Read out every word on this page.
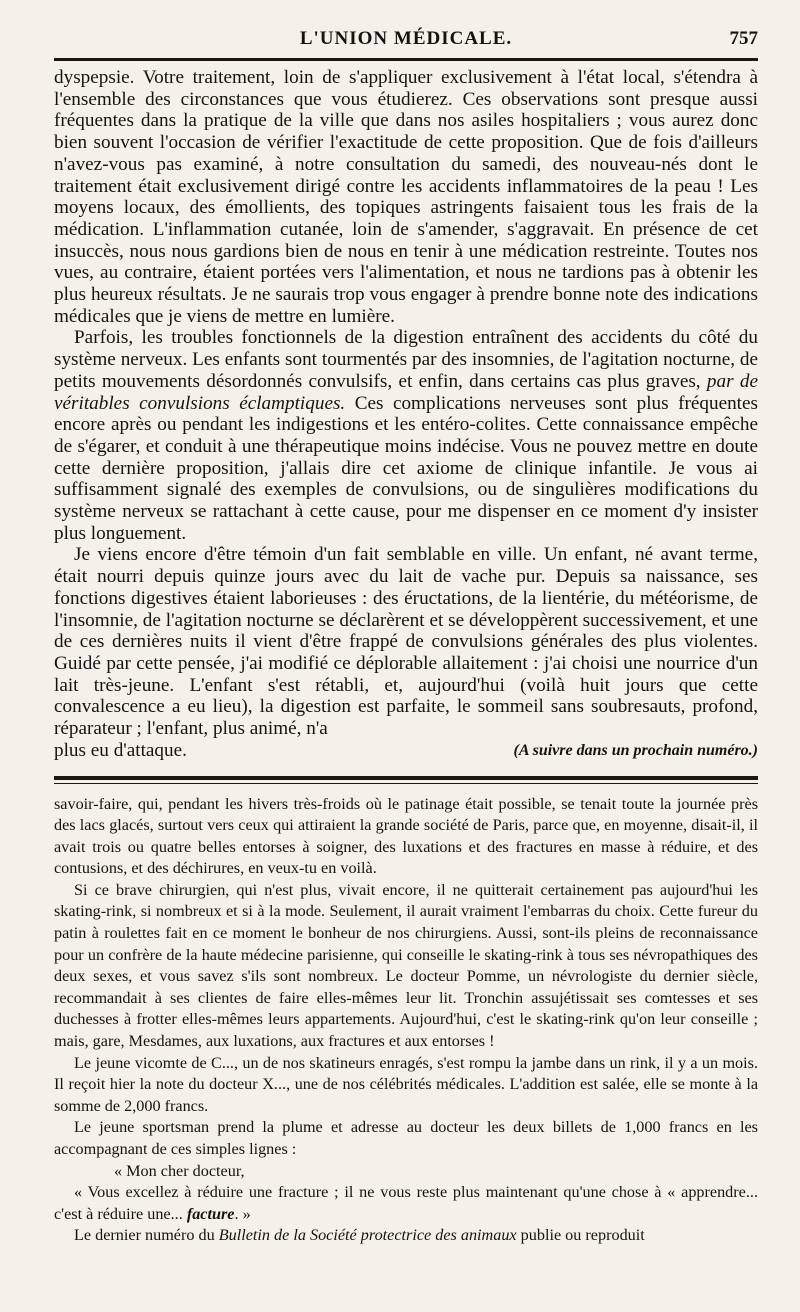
L'UNION MÉDICALE.	757

dyspepsie. Votre traitement, loin de s'appliquer exclusivement à l'état local, s'étendra à l'ensemble des circonstances que vous étudierez. Ces observations sont presque aussi fréquentes dans la pratique de la ville que dans nos asiles hospitaliers ; vous aurez donc bien souvent l'occasion de vérifier l'exactitude de cette proposition. Que de fois d'ailleurs n'avez-vous pas examiné, à notre consultation du samedi, des nouveau-nés dont le traitement était exclusivement dirigé contre les accidents inflammatoires de la peau ! Les moyens locaux, des émollients, des topiques astringents faisaient tous les frais de la médication. L'inflammation cutanée, loin de s'amender, s'aggravait. En présence de cet insuccès, nous nous gardions bien de nous en tenir à une médication restreinte. Toutes nos vues, au contraire, étaient portées vers l'alimentation, et nous ne tardions pas à obtenir les plus heureux résultats. Je ne saurais trop vous engager à prendre bonne note des indications médicales que je viens de mettre en lumière.

Parfois, les troubles fonctionnels de la digestion entraînent des accidents du côté du système nerveux. Les enfants sont tourmentés par des insomnies, de l'agitation nocturne, de petits mouvements désordonnés convulsifs, et enfin, dans certains cas plus graves, par de véritables convulsions éclamptiques. Ces complications nerveuses sont plus fréquentes encore après ou pendant les indigestions et les entéro-colites. Cette connaissance empêche de s'égarer, et conduit à une thérapeutique moins indécise. Vous ne pouvez mettre en doute cette dernière proposition, j'allais dire cet axiome de clinique infantile. Je vous ai suffisamment signalé des exemples de convulsions, ou de singulières modifications du système nerveux se rattachant à cette cause, pour me dispenser en ce moment d'y insister plus longuement.

Je viens encore d'être témoin d'un fait semblable en ville. Un enfant, né avant terme, était nourri depuis quinze jours avec du lait de vache pur. Depuis sa naissance, ses fonctions digestives étaient laborieuses : des éructations, de la lientérie, du météorisme, de l'insomnie, de l'agitation nocturne se déclarèrent et se développèrent successivement, et une de ces dernières nuits il vient d'être frappé de convulsions générales des plus violentes. Guidé par cette pensée, j'ai modifié ce déplorable allaitement : j'ai choisi une nourrice d'un lait très-jeune. L'enfant s'est rétabli, et, aujourd'hui (voilà huit jours que cette convalescence a eu lieu), la digestion est parfaite, le sommeil sans soubresauts, profond, réparateur ; l'enfant, plus animé, n'a

plus eu d'attaque.	(A suivre dans un prochain numéro.)

savoir-faire, qui, pendant les hivers très-froids où le patinage était possible, se tenait toute la journée près des lacs glacés, surtout vers ceux qui attiraient la grande société de Paris, parce que, en moyenne, disait-il, il avait trois ou quatre belles entorses à soigner, des luxations et des fractures en masse à réduire, et des contusions, et des déchirures, en veux-tu en voilà.

Si ce brave chirurgien, qui n'est plus, vivait encore, il ne quitterait certainement pas aujourd'hui les skating-rink, si nombreux et si à la mode. Seulement, il aurait vraiment l'embarras du choix. Cette fureur du patin à roulettes fait en ce moment le bonheur de nos chirurgiens. Aussi, sont-ils pleins de reconnaissance pour un confrère de la haute médecine parisienne, qui conseille le skating-rink à tous ses névropathiques des deux sexes, et vous savez s'ils sont nombreux. Le docteur Pomme, un névrologiste du dernier siècle, recommandait à ses clientes de faire elles-mêmes leur lit. Tronchin assujétissait ses comtesses et ses duchesses à frotter elles-mêmes leurs appartements. Aujourd'hui, c'est le skating-rink qu'on leur conseille ; mais, gare, Mesdames, aux luxations, aux fractures et aux entorses !

Le jeune vicomte de C..., un de nos skatineurs enragés, s'est rompu la jambe dans un rink, il y a un mois. Il reçoit hier la note du docteur X..., une de nos célébrités médicales. L'addition est salée, elle se monte à la somme de 2,000 francs.

Le jeune sportsman prend la plume et adresse au docteur les deux billets de 1,000 francs en les accompagnant de ces simples lignes :

« Mon cher docteur,

« Vous excellez à réduire une fracture ; il ne vous reste plus maintenant qu'une chose à « apprendre... c'est à réduire une... facture. »

Le dernier numéro du Bulletin de la Société protectrice des animaux publie ou reproduit
